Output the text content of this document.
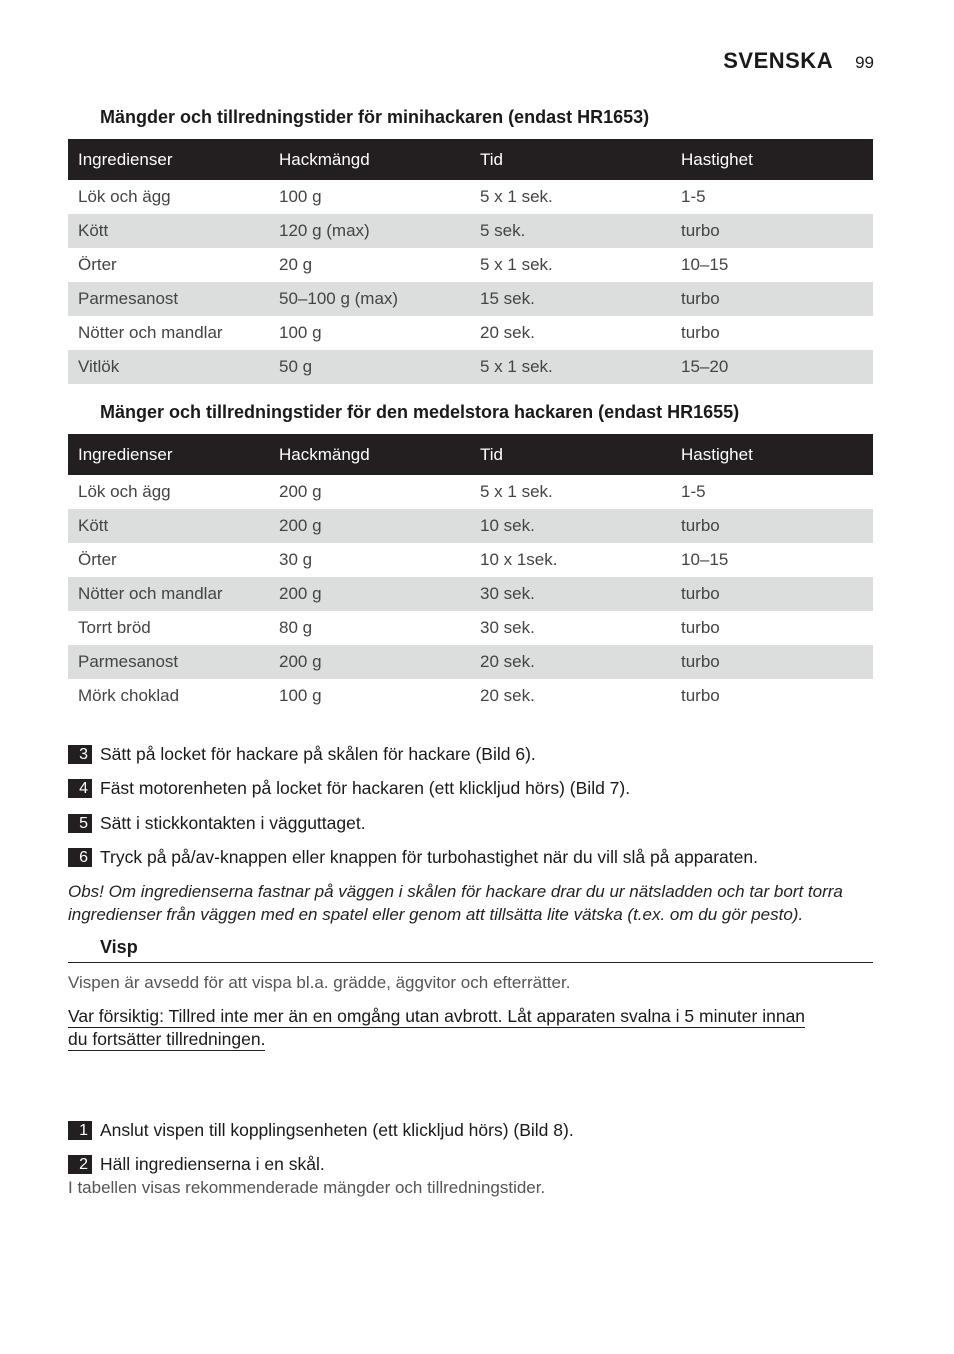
SVENSKA 99
Mängder och tillredningstider för minihackaren (endast HR1653)
Ingredienser	Hackmängd	Tid	Hastighet
Lök och ägg	100 g	5 x 1 sek.	1-5
Kött	120 g (max)	5 sek.	turbo
Örter	20 g	5 x 1 sek.	10–15
Parmesanost	50–100 g (max)	15 sek.	turbo
Nötter och mandlar	100 g	20 sek.	turbo
Vitlök	50 g	5 x 1 sek.	15–20
Mänger och tillredningstider för den medelstora hackaren (endast HR1655)
Ingredienser	Hackmängd	Tid	Hastighet
Lök och ägg	200 g	5 x 1 sek.	1-5
Kött	200 g	10 sek.	turbo
Örter	30 g	10 x 1sek.	10–15
Nötter och mandlar	200 g	30 sek.	turbo
Torrt bröd	80 g	30 sek.	turbo
Parmesanost	200 g	20 sek.	turbo
Mörk choklad	100 g	20 sek.	turbo
3 Sätt på locket för hackare på skålen för hackare (Bild 6).
4 Fäst motorenheten på locket för hackaren (ett klickljud hörs) (Bild 7).
5 Sätt i stickkontakten i vägguttaget.
6 Tryck på på/av-knappen eller knappen för turbohastighet när du vill slå på apparaten.
Obs! Om ingredienserna fastnar på väggen i skålen för hackare drar du ur nätsladden och tar bort torra ingredienser från väggen med en spatel eller genom att tillsätta lite vätska (t.ex. om du gör pesto).
Visp
Vispen är avsedd för att vispa bl.a. grädde, äggvitor och efterrätter.
Var försiktig: Tillred inte mer än en omgång utan avbrott. Låt apparaten svalna i 5 minuter innan
du fortsätter tillredningen.
1 Anslut vispen till kopplingsenheten (ett klickljud hörs) (Bild 8).
2 Häll ingredienserna i en skål.
I tabellen visas rekommenderade mängder och tillredningstider.
